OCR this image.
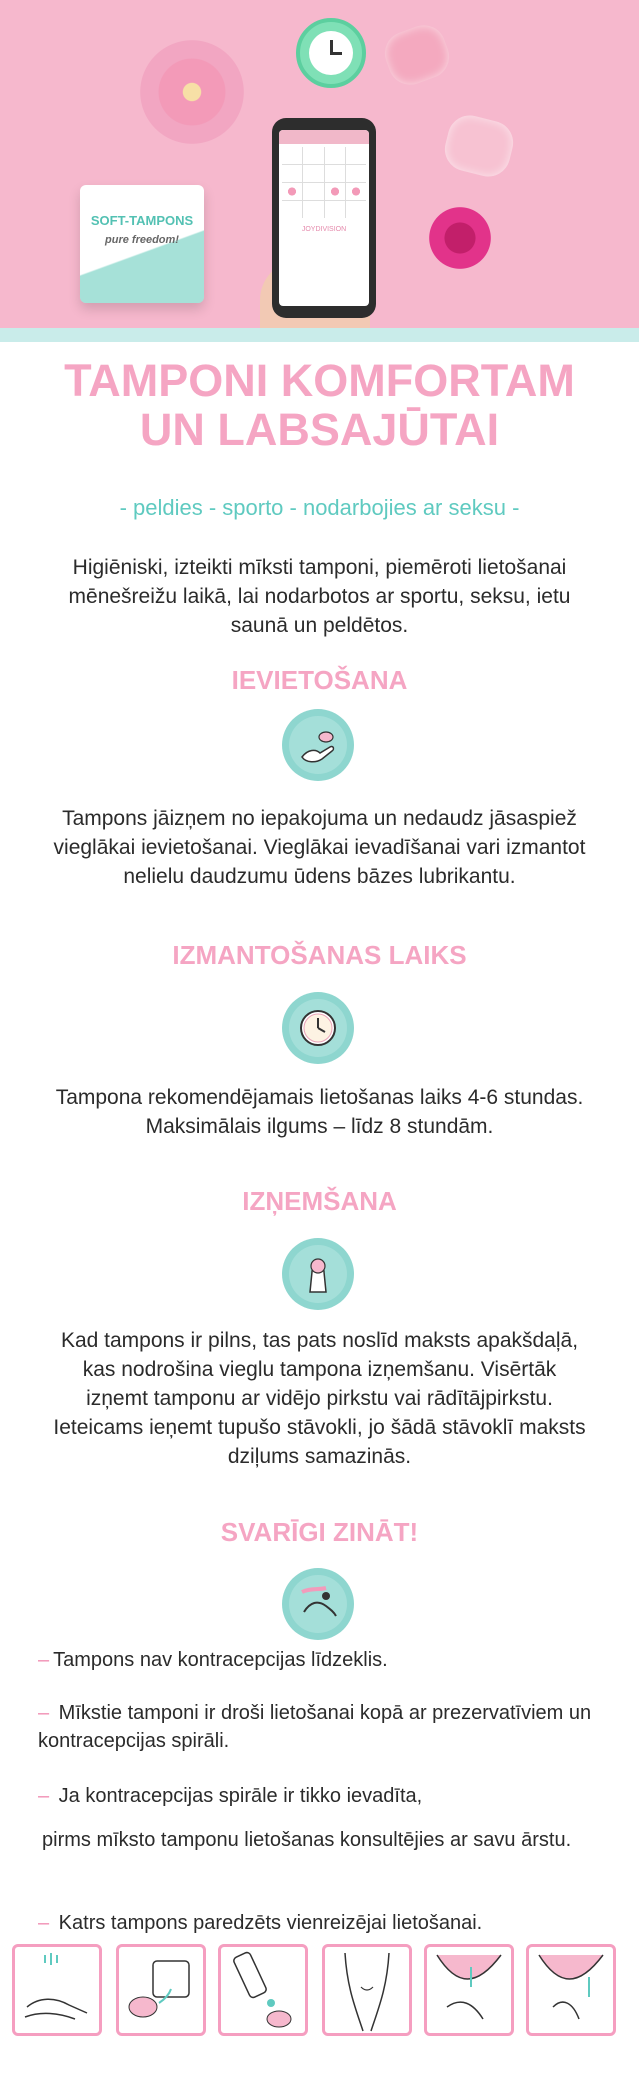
SOFT-TAMPONS
pure freedom!
JOYDIVISION
TAMPONI KOMFORTAM
UN LABSAJŪTAI

- peldies - sporto - nodarbojies ar seksu -

Higiēniski, izteikti mīksti tamponi, piemēroti lietošanai mēnešreižu laikā, lai nodarbotos ar sportu, seksu, ietu saunā un peldētos.

IEVIETOŠANA

Tampons jāizņem no iepakojuma un nedaudz jāsaspiež vieglākai ievietošanai. Vieglākai ievadīšanai vari izmantot nelielu daudzumu ūdens bāzes lubrikantu.

IZMANTOŠANAS LAIKS

Tampona rekomendējamais lietošanas laiks 4-6 stundas. Maksimālais ilgums – līdz 8 stundām.

IZŅEMŠANA

Kad tampons ir pilns, tas pats noslīd maksts apakšdaļā, kas nodrošina vieglu tampona izņemšanu. Visērtāk izņemt tamponu ar vidējo pirkstu vai rādītājpirkstu. Ieteicams ieņemt tupušo stāvokli, jo šādā stāvoklī maksts dziļums samazinās.

SVARĪGI ZINĀT!
– Tampons nav kontracepcijas līdzeklis.
– Mīkstie tamponi ir droši lietošanai kopā ar prezervatīviem un kontracepcijas spirāli.
– Ja kontracepcijas spirāle ir tikko ievadīta,
pirms mīksto tamponu lietošanas konsultējies ar savu ārstu.
– Katrs tampons paredzēts vienreizējai lietošanai.
